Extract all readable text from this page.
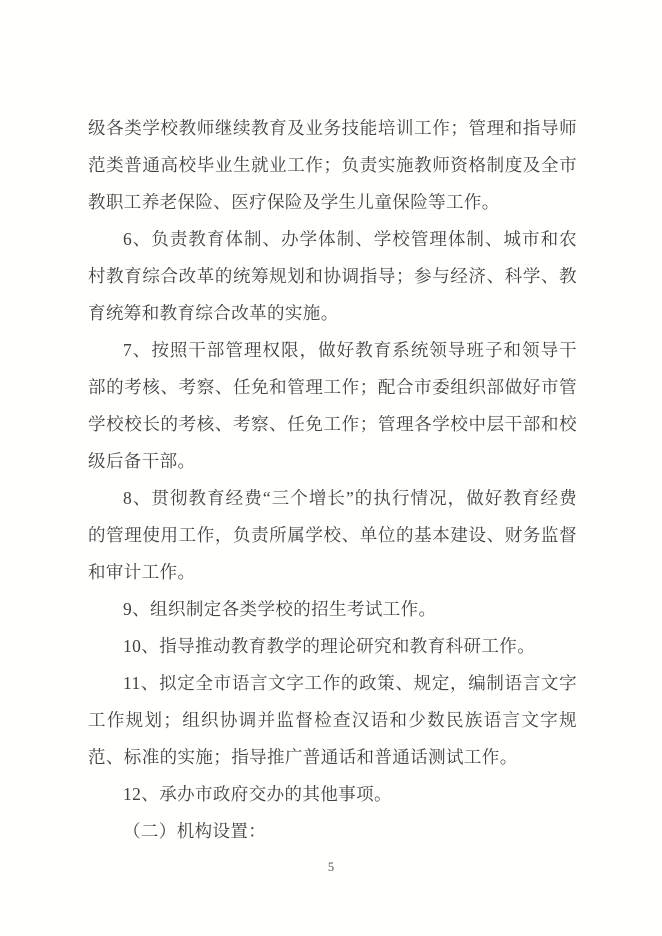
级各类学校教师继续教育及业务技能培训工作；管理和指导师范类普通高校毕业生就业工作；负责实施教师资格制度及全市教职工养老保险、医疗保险及学生儿童保险等工作。

6、负责教育体制、办学体制、学校管理体制、城市和农村教育综合改革的统筹规划和协调指导；参与经济、科学、教育统筹和教育综合改革的实施。

7、按照干部管理权限，做好教育系统领导班子和领导干部的考核、考察、任免和管理工作；配合市委组织部做好市管学校校长的考核、考察、任免工作；管理各学校中层干部和校级后备干部。

8、贯彻教育经费“三个增长”的执行情况，做好教育经费的管理使用工作，负责所属学校、单位的基本建设、财务监督和审计工作。

9、组织制定各类学校的招生考试工作。

10、指导推动教育教学的理论研究和教育科研工作。

11、拟定全市语言文字工作的政策、规定，编制语言文字工作规划；组织协调并监督检查汉语和少数民族语言文字规范、标准的实施；指导推广普通话和普通话测试工作。

12、承办市政府交办的其他事项。

（二）机构设置：

5
